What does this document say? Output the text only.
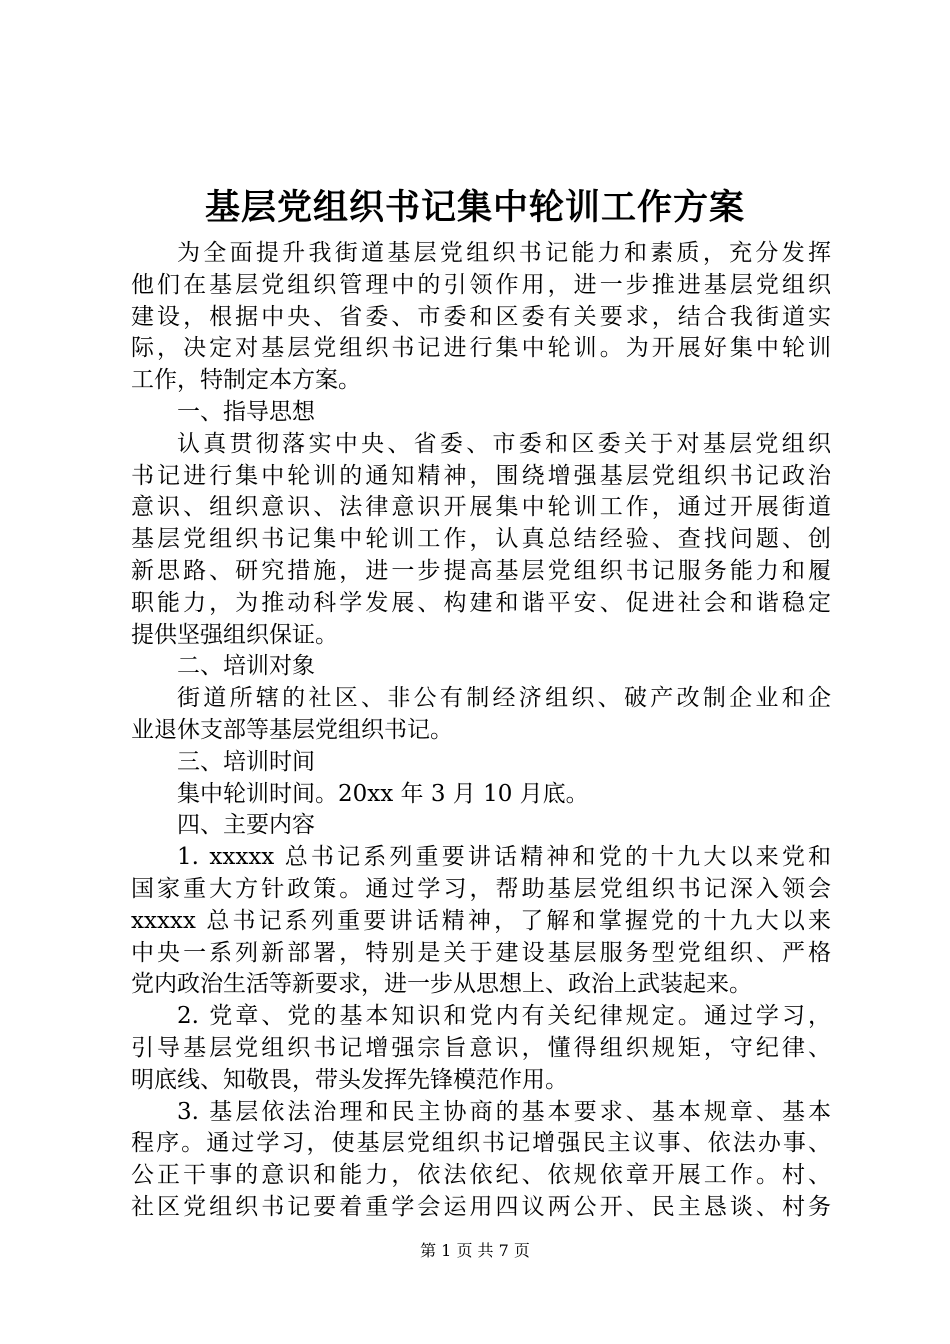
基层党组织书记集中轮训工作方案
为全面提升我街道基层党组织书记能力和素质，充分发挥
他们在基层党组织管理中的引领作用，进一步推进基层党组织
建设，根据中央、省委、市委和区委有关要求，结合我街道实
际，决定对基层党组织书记进行集中轮训。为开展好集中轮训
工作，特制定本方案。
一、指导思想
认真贯彻落实中央、省委、市委和区委关于对基层党组织
书记进行集中轮训的通知精神，围绕增强基层党组织书记政治
意识、组织意识、法律意识开展集中轮训工作，通过开展街道
基层党组织书记集中轮训工作，认真总结经验、查找问题、创
新思路、研究措施，进一步提高基层党组织书记服务能力和履
职能力，为推动科学发展、构建和谐平安、促进社会和谐稳定
提供坚强组织保证。
二、培训对象
街道所辖的社区、非公有制经济组织、破产改制企业和企
业退休支部等基层党组织书记。
三、培训时间
集中轮训时间。20xx 年 3 月 10 月底。
四、主要内容
1. xxxxx 总书记系列重要讲话精神和党的十九大以来党和
国家重大方针政策。通过学习，帮助基层党组织书记深入领会
xxxxx 总书记系列重要讲话精神，了解和掌握党的十九大以来
中央一系列新部署，特别是关于建设基层服务型党组织、严格
党内政治生活等新要求，进一步从思想上、政治上武装起来。
2. 党章、党的基本知识和党内有关纪律规定。通过学习，
引导基层党组织书记增强宗旨意识，懂得组织规矩，守纪律、
明底线、知敬畏，带头发挥先锋模范作用。
3. 基层依法治理和民主协商的基本要求、基本规章、基本
程序。通过学习，使基层党组织书记增强民主议事、依法办事、
公正干事的意识和能力，依法依纪、依规依章开展工作。村、
社区党组织书记要着重学会运用四议两公开、民主恳谈、村务
第 1 页 共 7 页
